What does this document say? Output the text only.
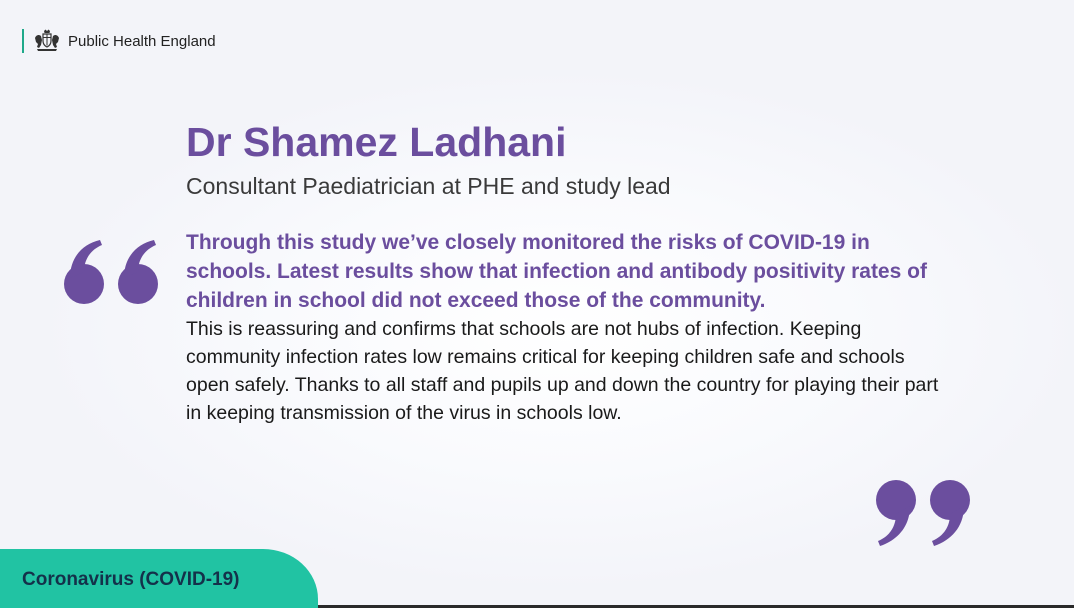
Public Health England
Dr Shamez Ladhani

Consultant Paediatrician at PHE and study lead

Through this study we’ve closely monitored the risks of COVID-19 in schools. Latest results show that infection and antibody positivity rates of children in school did not exceed those of the community.

This is reassuring and confirms that schools are not hubs of infection. Keeping community infection rates low remains critical for keeping children safe and schools open safely. Thanks to all staff and pupils up and down the country for playing their part in keeping transmission of the virus in schools low.

Coronavirus (COVID-19)
